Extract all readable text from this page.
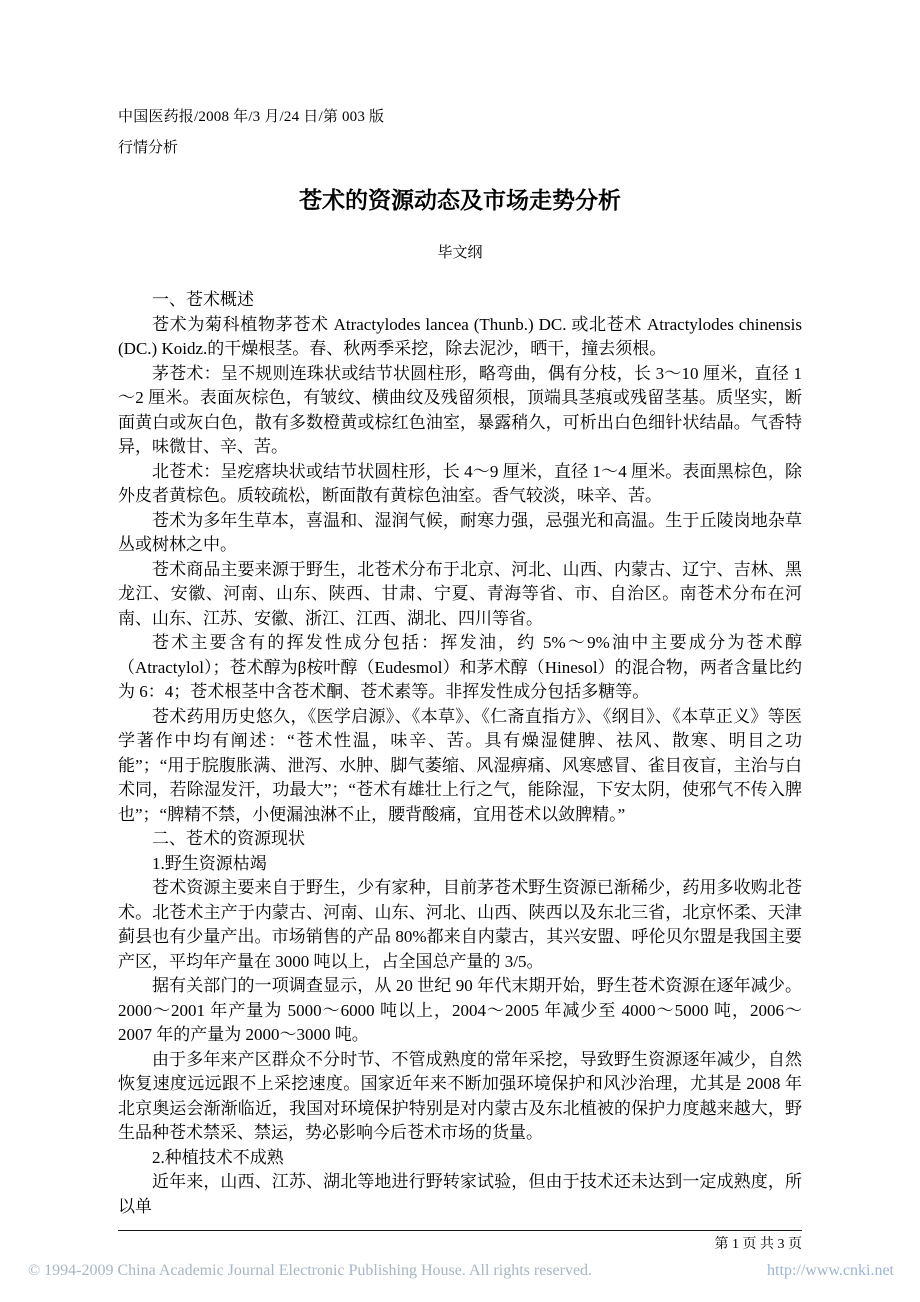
中国医药报/2008 年/3 月/24 日/第 003 版
行情分析
苍术的资源动态及市场走势分析
毕文纲

一、苍术概述

苍术为菊科植物茅苍术 Atractylodes lancea (Thunb.) DC. 或北苍术 Atractylodes chinensis (DC.) Koidz.的干燥根茎。春、秋两季采挖，除去泥沙，晒干，撞去须根。

茅苍术：呈不规则连珠状或结节状圆柱形，略弯曲，偶有分枝，长 3～10 厘米，直径 1～2 厘米。表面灰棕色，有皱纹、横曲纹及残留须根，顶端具茎痕或残留茎基。质坚实，断面黄白或灰白色，散有多数橙黄或棕红色油室，暴露稍久，可析出白色细针状结晶。气香特异，味微甘、辛、苦。

北苍术：呈疙瘩块状或结节状圆柱形，长 4～9 厘米，直径 1～4 厘米。表面黑棕色，除外皮者黄棕色。质较疏松，断面散有黄棕色油室。香气较淡，味辛、苦。

苍术为多年生草本，喜温和、湿润气候，耐寒力强，忌强光和高温。生于丘陵岗地杂草丛或树林之中。

苍术商品主要来源于野生，北苍术分布于北京、河北、山西、内蒙古、辽宁、吉林、黑龙江、安徽、河南、山东、陕西、甘肃、宁夏、青海等省、市、自治区。南苍术分布在河南、山东、江苏、安徽、浙江、江西、湖北、四川等省。

苍术主要含有的挥发性成分包括：挥发油，约 5%～9%油中主要成分为苍术醇（Atractylol）；苍术醇为β桉叶醇（Eudesmol）和茅术醇（Hinesol）的混合物，两者含量比约为 6：4；苍术根茎中含苍术酮、苍术素等。非挥发性成分包括多糖等。

苍术药用历史悠久，《医学启源》、《本草》、《仁斋直指方》、《纲目》、《本草正义》等医学著作中均有阐述：“苍术性温，味辛、苦。具有燥湿健脾、祛风、散寒、明目之功能”；“用于脘腹胀满、泄泻、水肿、脚气萎缩、风湿痹痛、风寒感冒、雀目夜盲，主治与白术同，若除湿发汗，功最大”；“苍术有雄壮上行之气，能除湿，下安太阴，使邪气不传入脾也”；“脾精不禁，小便漏浊淋不止，腰背酸痛，宜用苍术以敛脾精。”

二、苍术的资源现状

1.野生资源枯竭

苍术资源主要来自于野生，少有家种，目前茅苍术野生资源已渐稀少，药用多收购北苍术。北苍术主产于内蒙古、河南、山东、河北、山西、陕西以及东北三省，北京怀柔、天津蓟县也有少量产出。市场销售的产品 80%都来自内蒙古，其兴安盟、呼伦贝尔盟是我国主要产区，平均年产量在 3000 吨以上，占全国总产量的 3/5。

据有关部门的一项调查显示，从 20 世纪 90 年代末期开始，野生苍术资源在逐年减少。2000～2001 年产量为 5000～6000 吨以上，2004～2005 年减少至 4000～5000 吨，2006～2007 年的产量为 2000～3000 吨。

由于多年来产区群众不分时节、不管成熟度的常年采挖，导致野生资源逐年减少，自然恢复速度远远跟不上采挖速度。国家近年来不断加强环境保护和风沙治理，尤其是 2008 年北京奥运会渐渐临近，我国对环境保护特别是对内蒙古及东北植被的保护力度越来越大，野生品种苍术禁采、禁运，势必影响今后苍术市场的货量。

2.种植技术不成熟

近年来，山西、江苏、湖北等地进行野转家试验，但由于技术还未达到一定成熟度，所以单

第 1 页 共 3 页
© 1994-2009 China Academic Journal Electronic Publishing House. All rights reserved.	http://www.cnki.net
